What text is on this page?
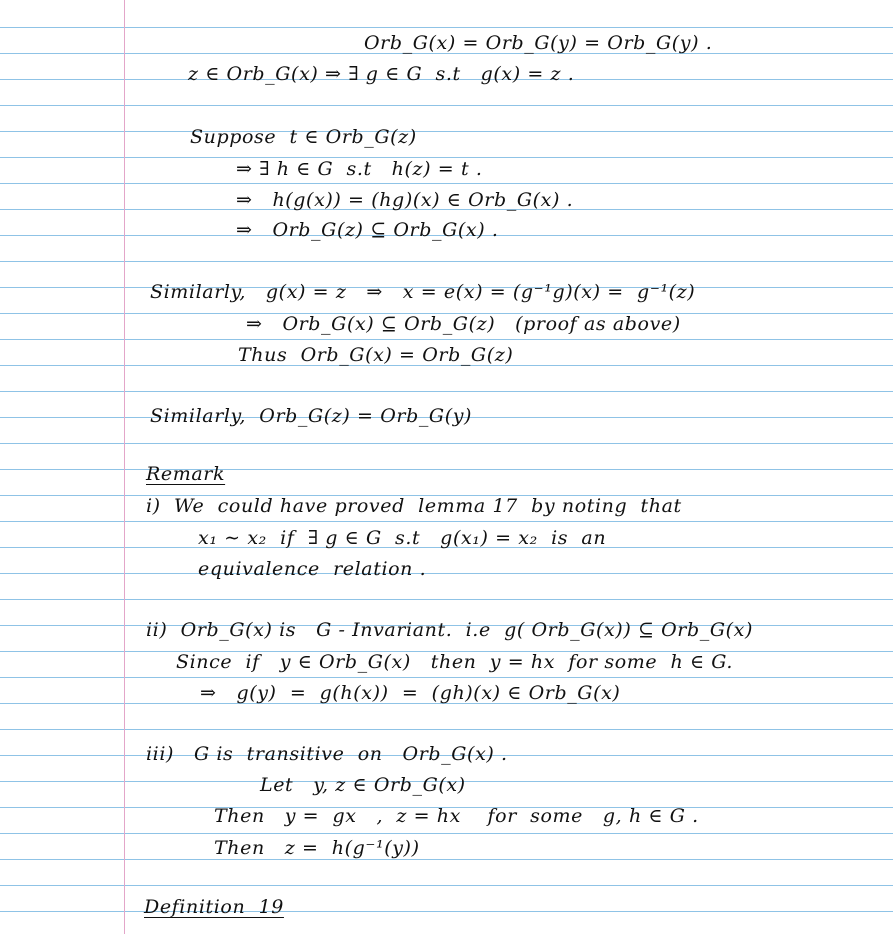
Orb_G(x) = Orb_G(y) = Orb_G(y) .
z ∈ Orb_G(x) ⇒ ∃ g ∈ G  s.t   g(x) = z .
Suppose  t ∈ Orb_G(z)
⇒ ∃ h ∈ G  s.t   h(z) = t .
⇒   h(g(x)) = (hg)(x) ∈ Orb_G(x) .
⇒   Orb_G(z) ⊆ Orb_G(x) .
Similarly,   g(x) = z   ⇒   x = e(x) = (g⁻¹g)(x) =  g⁻¹(z)
⇒   Orb_G(x) ⊆ Orb_G(z)   (proof as above)
Thus  Orb_G(x) = Orb_G(z)
Similarly,  Orb_G(z) = Orb_G(y)
Remark
i)  We  could have proved  lemma 17  by noting  that
x₁ ∼ x₂  if  ∃ g ∈ G  s.t   g(x₁) = x₂  is  an
equivalence  relation .
ii)  Orb_G(x) is   G - Invariant.  i.e  g( Orb_G(x)) ⊆ Orb_G(x)
Since  if   y ∈ Orb_G(x)   then  y = hx  for some  h ∈ G.
⇒   g(y)  =  g(h(x))  =  (gh)(x) ∈ Orb_G(x)
iii)   G is  transitive  on   Orb_G(x) .
Let   y, z ∈ Orb_G(x)
Then   y =  gx   ,  z = hx    for  some   g, h ∈ G .
Then   z =  h(g⁻¹(y))
Definition  19
